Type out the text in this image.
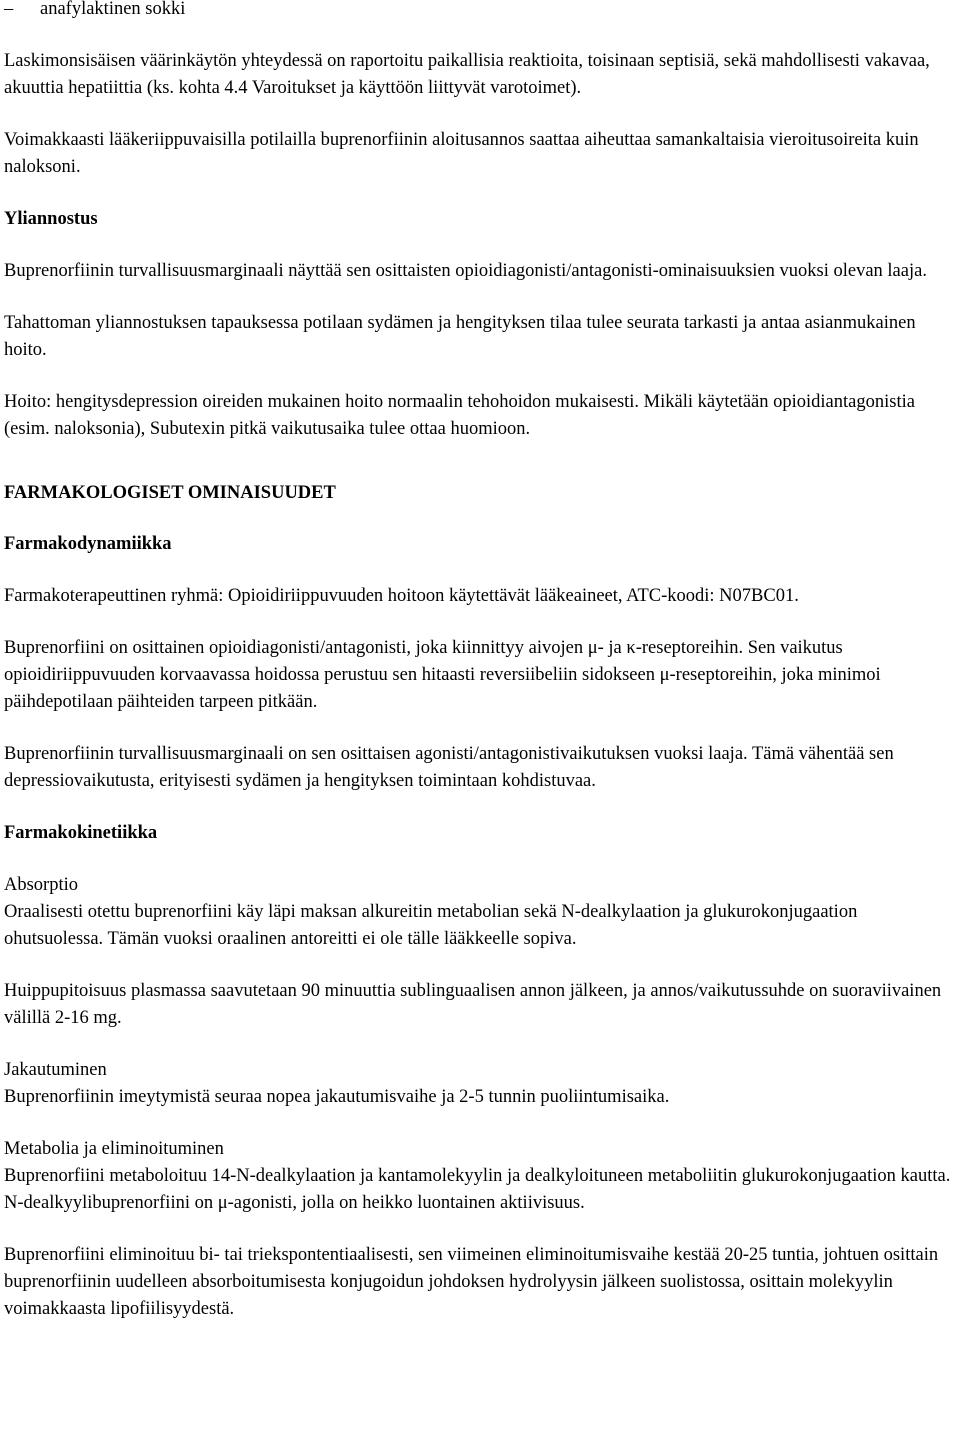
–	anafylaktinen sokki

Laskimonsisäisen väärinkäytön yhteydessä on raportoitu paikallisia reaktioita, toisinaan septisiä, sekä mahdollisesti vakavaa, akuuttia hepatiittia (ks. kohta 4.4 Varoitukset ja käyttöön liittyvät varotoimet).

Voimakkaasti lääkeriippuvaisilla potilailla buprenorfiinin aloitusannos saattaa aiheuttaa samankaltaisia vieroitusoireita kuin naloksoni.

Yliannostus

Buprenorfiinin turvallisuusmarginaali näyttää sen osittaisten opioidiagonisti/antagonisti-ominaisuuksien vuoksi olevan laaja.

Tahattoman yliannostuksen tapauksessa potilaan sydämen ja hengityksen tilaa tulee seurata tarkasti ja antaa asianmukainen hoito.

Hoito: hengitysdepression oireiden mukainen hoito normaalin tehohoidon mukaisesti. Mikäli käytetään opioidiantagonistia (esim. naloksonia), Subutexin pitkä vaikutusaika tulee ottaa huomioon.

FARMAKOLOGISET OMINAISUUDET
Farmakodynamiikka

Farmakoterapeuttinen ryhmä: Opioidiriippuvuuden hoitoon käytettävät lääkeaineet, ATC-koodi: N07BC01.

Buprenorfiini on osittainen opioidiagonisti/antagonisti, joka kiinnittyy aivojen μ- ja κ-reseptoreihin. Sen vaikutus opioidiriippuvuuden korvaavassa hoidossa perustuu sen hitaasti reversiibeliin sidokseen μ-reseptoreihin, joka minimoi päihdepotilaan päihteiden tarpeen pitkään.

Buprenorfiinin turvallisuusmarginaali on sen osittaisen agonisti/antagonistivaikutuksen vuoksi laaja. Tämä vähentää sen depressiovaikutusta, erityisesti sydämen ja hengityksen toimintaan kohdistuvaa.

Farmakokinetiikka
Absorptio

Oraalisesti otettu buprenorfiini käy läpi maksan alkureitin metabolian sekä N-dealkylaation ja glukurokonjugaation ohutsuolessa. Tämän vuoksi oraalinen antoreitti ei ole tälle lääkkeelle sopiva.

Huippupitoisuus plasmassa saavutetaan 90 minuuttia sublinguaalisen annon jälkeen, ja annos/vaikutussuhde on suoraviivainen välillä 2-16 mg.

Jakautuminen

Buprenorfiinin imeytymistä seuraa nopea jakautumisvaihe ja 2-5 tunnin puoliintumisaika.

Metabolia ja eliminoituminen

Buprenorfiini metaboloituu 14-N-dealkylaation ja kantamolekyylin ja dealkyloituneen metaboliitin glukurokonjugaation kautta. N-dealkyylibuprenorfiini on μ-agonisti, jolla on heikko luontainen aktiivisuus.

Buprenorfiini eliminoituu bi- tai triekspontentiaalisesti, sen viimeinen eliminoitumisvaihe kestää 20-25 tuntia, johtuen osittain buprenorfiinin uudelleen absorboitumisesta konjugoidun johdoksen hydrolyysin jälkeen suolistossa, osittain molekyylin voimakkaasta lipofiilisyydestä.
